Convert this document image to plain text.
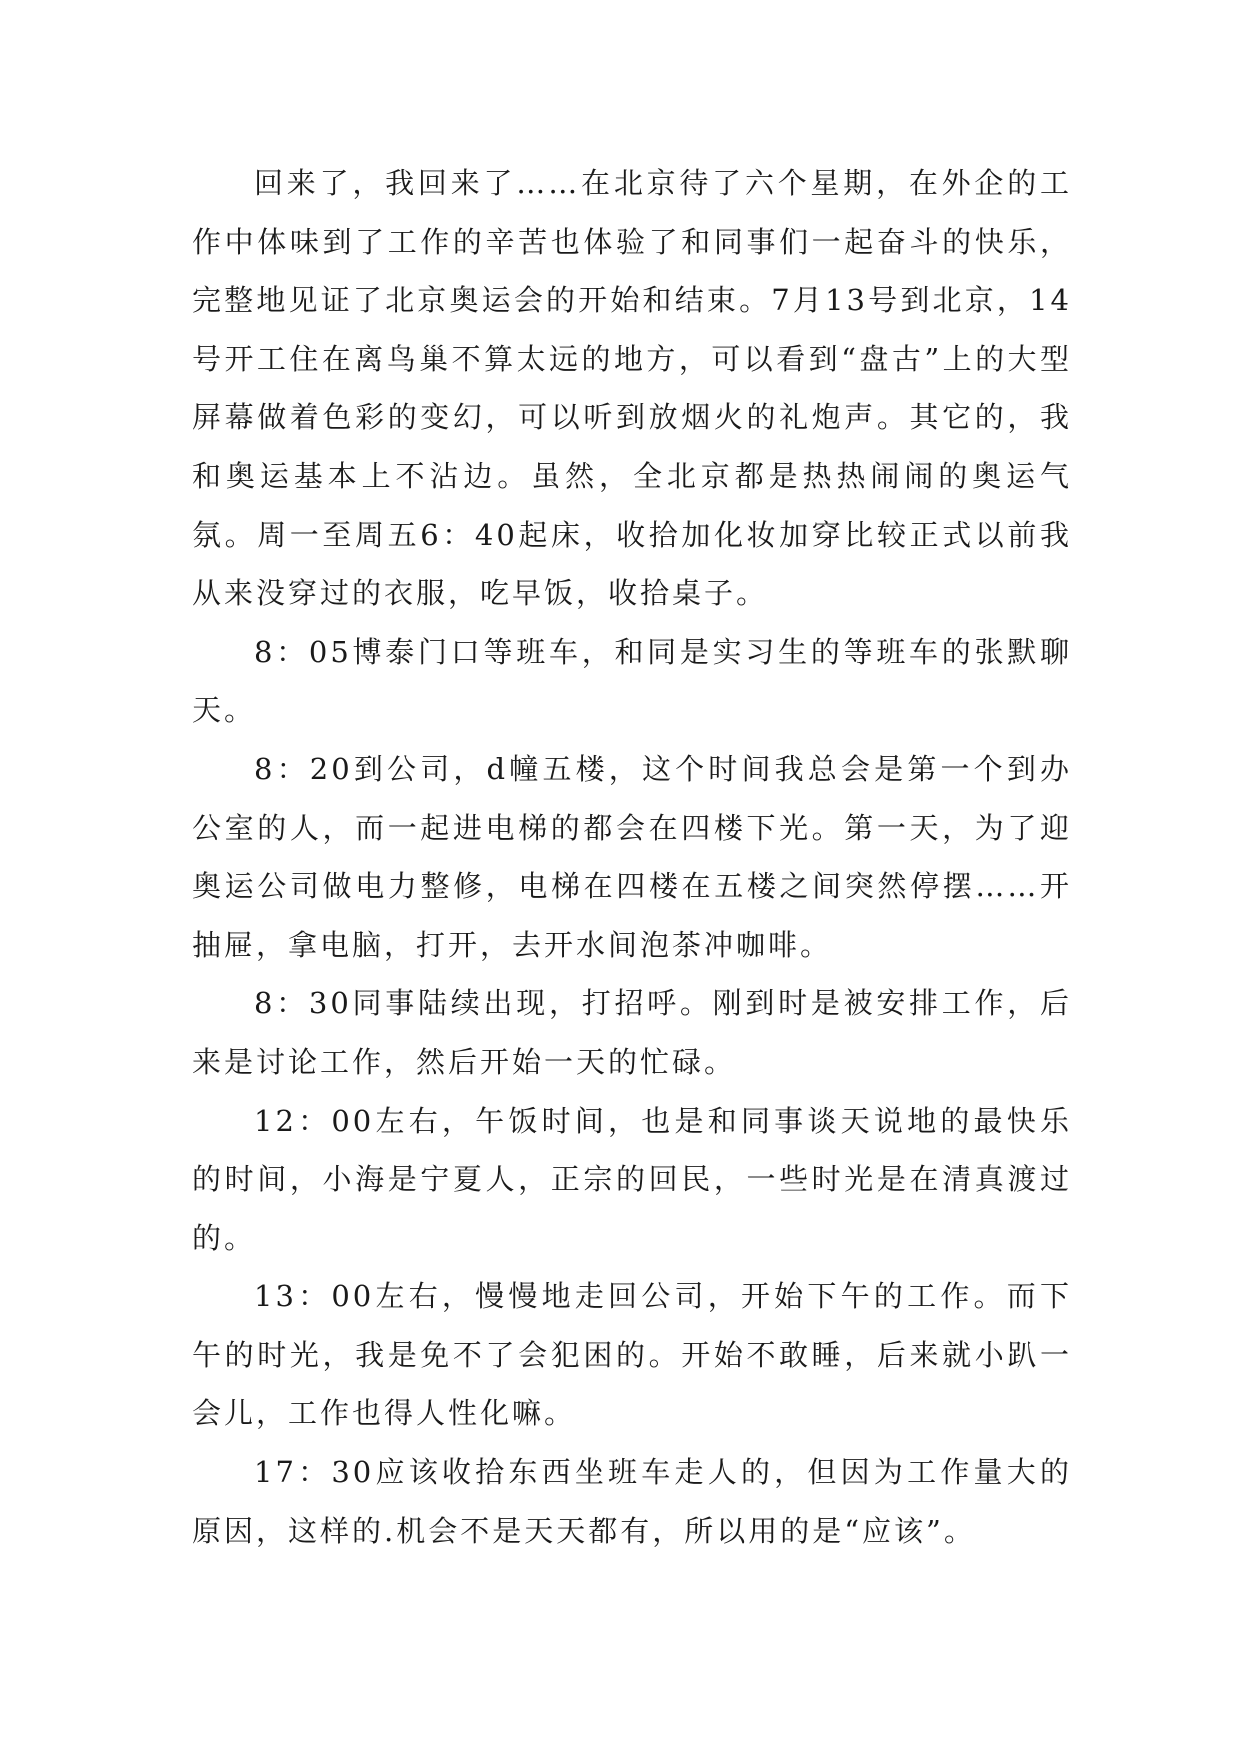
回来了，我回来了……在北京待了六个星期，在外企的工作中体味到了工作的辛苦也体验了和同事们一起奋斗的快乐，完整地见证了北京奥运会的开始和结束。7月13号到北京，14号开工住在离鸟巢不算太远的地方，可以看到“盘古”上的大型屏幕做着色彩的变幻，可以听到放烟火的礼炮声。其它的，我和奥运基本上不沾边。虽然，全北京都是热热闹闹的奥运气氛。周一至周五6：40起床，收拾加化妆加穿比较正式以前我从来没穿过的衣服，吃早饭，收拾桌子。

8：05博泰门口等班车，和同是实习生的等班车的张默聊天。

8：20到公司，d幢五楼，这个时间我总会是第一个到办公室的人，而一起进电梯的都会在四楼下光。第一天，为了迎奥运公司做电力整修，电梯在四楼在五楼之间突然停摆……开抽屉，拿电脑，打开，去开水间泡茶冲咖啡。

8：30同事陆续出现，打招呼。刚到时是被安排工作，后来是讨论工作，然后开始一天的忙碌。

12：00左右，午饭时间，也是和同事谈天说地的最快乐的时间，小海是宁夏人，正宗的回民，一些时光是在清真渡过的。

13：00左右，慢慢地走回公司，开始下午的工作。而下午的时光，我是免不了会犯困的。开始不敢睡，后来就小趴一会儿，工作也得人性化嘛。

17：30应该收拾东西坐班车走人的，但因为工作量大的原因，这样的.机会不是天天都有，所以用的是“应该”。
